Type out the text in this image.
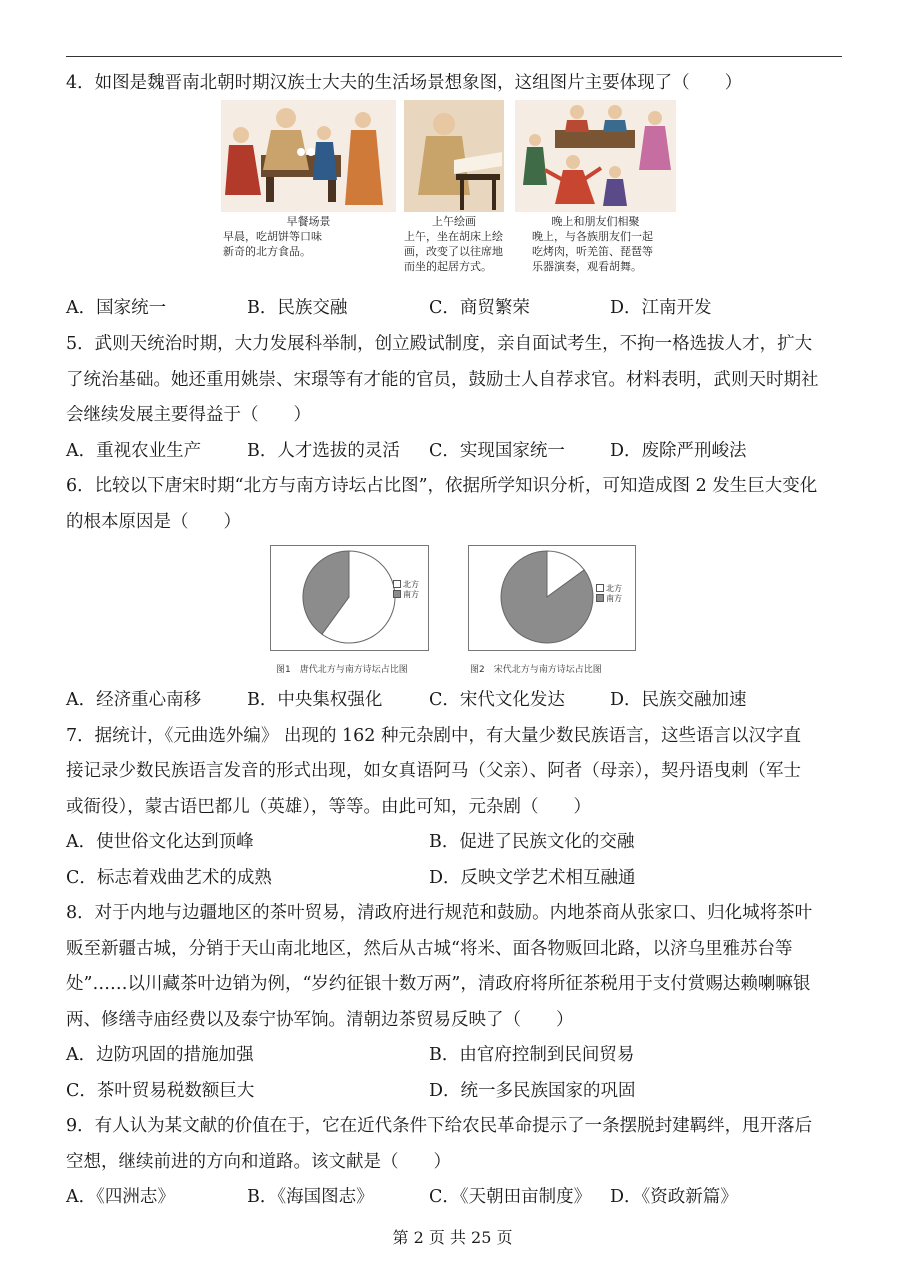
4．如图是魏晋南北朝时期汉族士大夫的生活场景想象图，这组图片主要体现了（　　）
早餐场景
早晨，吃胡饼等口味
新奇的北方食品。
上午绘画
上午，坐在胡床上绘
画，改变了以往席地
而坐的起居方式。
晚上和朋友们相聚
晚上，与各族朋友们一起
吃烤肉，听羌笛、琵琶等
乐器演奏，观看胡舞。
A．国家统一	B．民族交融	C．商贸繁荣	D．江南开发
5．武则天统治时期，大力发展科举制，创立殿试制度，亲自面试考生，不拘一格选拔人才，扩大
了统治基础。她还重用姚崇、宋璟等有才能的官员，鼓励士人自荐求官。材料表明，武则天时期社
会继续发展主要得益于（　　）
A．重视农业生产	B．人才选拔的灵活 C．实现国家统一	D．废除严刑峻法
6．比较以下唐宋时期“北方与南方诗坛占比图”，依据所学知识分析，可知造成图 2 发生巨大变化
的根本原因是（　　）
北方
南方
图1　唐代北方与南方诗坛占比图
北方
南方
图2　宋代北方与南方诗坛占比图
A．经济重心南移	B．中央集权强化	C．宋代文化发达	D．民族交融加速
7．据统计，《元曲选外编》 出现的 162 种元杂剧中，有大量少数民族语言，这些语言以汉字直
接记录少数民族语言发音的形式出现，如女真语阿马（父亲）、阿者（母亲），契丹语曳刺（军士
或衙役），蒙古语巴都儿（英雄），等等。由此可知，元杂剧（　　）
A．使世俗文化达到顶峰	B．促进了民族文化的交融
C．标志着戏曲艺术的成熟	D．反映文学艺术相互融通
8．对于内地与边疆地区的茶叶贸易，清政府进行规范和鼓励。内地茶商从张家口、归化城将茶叶
贩至新疆古城，分销于天山南北地区，然后从古城“将米、面各物贩回北路，以济乌里雅苏台等
处”……以川藏茶叶边销为例，“岁约征银十数万两”，清政府将所征茶税用于支付赏赐达赖喇嘛银
两、修缮寺庙经费以及泰宁协军饷。清朝边茶贸易反映了（　　）
A．边防巩固的措施加强	B．由官府控制到民间贸易
C．茶叶贸易税数额巨大	D．统一多民族国家的巩固
9．有人认为某文献的价值在于，它在近代条件下给农民革命提示了一条摆脱封建羁绊，甩开落后
空想，继续前进的方向和道路。该文献是（　　）
A．《四洲志》	B．《海国图志》	C．《天朝田亩制度》 D．《资政新篇》
第 2 页 共 25 页
